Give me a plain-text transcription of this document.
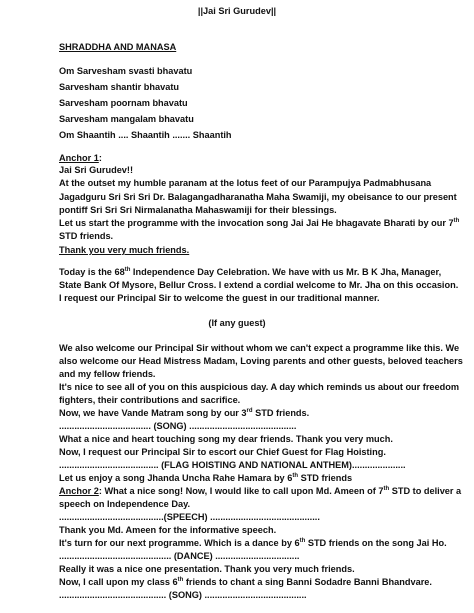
||Jai Sri Gurudev||
SHRADDHA AND MANASA
Om Sarvesham svasti bhavatu
Sarvesham shantir bhavatu
Sarvesham poornam bhavatu
Sarvesham mangalam bhavatu
Om Shaantih .... Shaantih ....... Shaantih
Anchor 1:
Jai Sri Gurudev!!
At the outset my humble paranam at the lotus feet of our Parampujya Padmabhusana
Jagadguru Sri Sri Sri Dr. Balagangadharanatha Maha Swamiji, my obeisance to our present
pontiff Sri Sri Sri Nirmalanatha Mahaswamiji for their blessings.
Let us start the programme with the invocation song Jai Jai He bhagavate Bharati by our 7th
STD friends.
Thank you very much friends.
Today is the 68th Independence Day Celebration. We have with us Mr. B K Jha, Manager,
State Bank Of Mysore, Bellur Cross. I extend a cordial welcome to Mr. Jha on this occasion.
I request our Principal Sir to welcome the guest in our traditional manner.
(If any guest)
We also welcome our Principal Sir without whom we can't expect a programme like this. We
also welcome our Head Mistress Madam, Loving parents and other guests, beloved teachers
and my fellow friends.
It's nice to see all of you on this auspicious day. A day which reminds us about our freedom
fighters, their contributions and sacrifice.
Now, we have Vande Matram song by our 3rd STD friends.
.................................... (SONG) ..........................................
What a nice and heart touching song my dear friends. Thank you very much.
Now, I request our Principal Sir to escort our Chief Guest for Flag Hoisting.
....................................... (FLAG HOISTING AND NATIONAL ANTHEM).....................
Let us enjoy a song Jhanda Uncha Rahe Hamara by 6th STD friends
Anchor 2: What a nice song! Now, I would like to call upon Md. Ameen of 7th STD to deliver a
speech on Independence Day.
.........................................(SPEECH) ...........................................
Thank you Md. Ameen for the informative speech.
It's turn for our next programme. Which is a dance by 6th STD friends on the song Jai Ho.
............................................ (DANCE) .................................
Really it was a nice one presentation. Thank you very much friends.
Now, I call upon my class 6th friends to chant a sing Banni Sodadre Banni Bhandvare.
.......................................... (SONG) ........................................
